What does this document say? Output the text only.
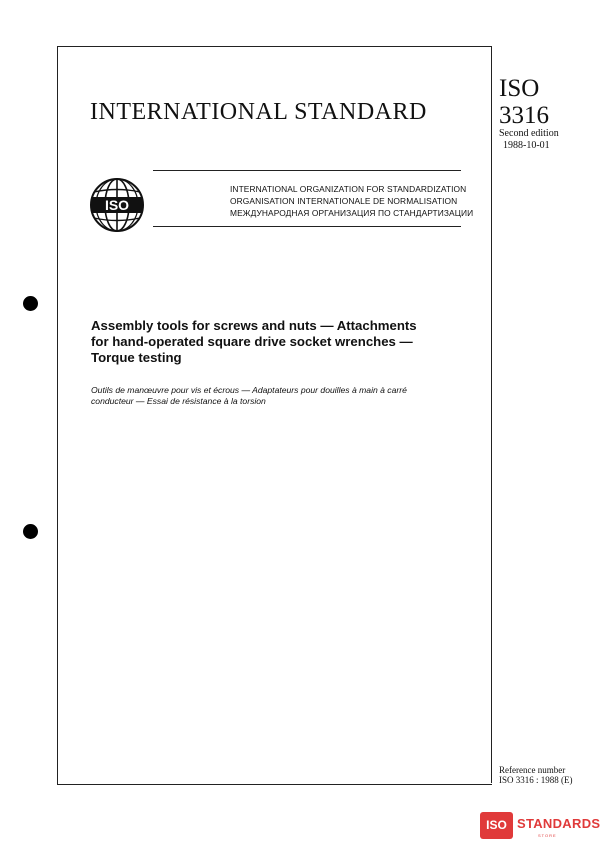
INTERNATIONAL STANDARD
ISO
3316
Second edition
1988-10-01
ISO
INTERNATIONAL ORGANIZATION FOR STANDARDIZATION
ORGANISATION INTERNATIONALE DE NORMALISATION
МЕЖДУНАРОДНАЯ ОРГАНИЗАЦИЯ ПО СТАНДАРТИЗАЦИИ
Assembly tools for screws and nuts — Attachments
for hand-operated square drive socket wrenches —
Torque testing
Outils de manœuvre pour vis et écrous — Adaptateurs pour douilles à main à carré
conducteur — Essai de résistance à la torsion
Reference number
ISO 3316 : 1988 (E)
ISO STANDARDS
STORE
